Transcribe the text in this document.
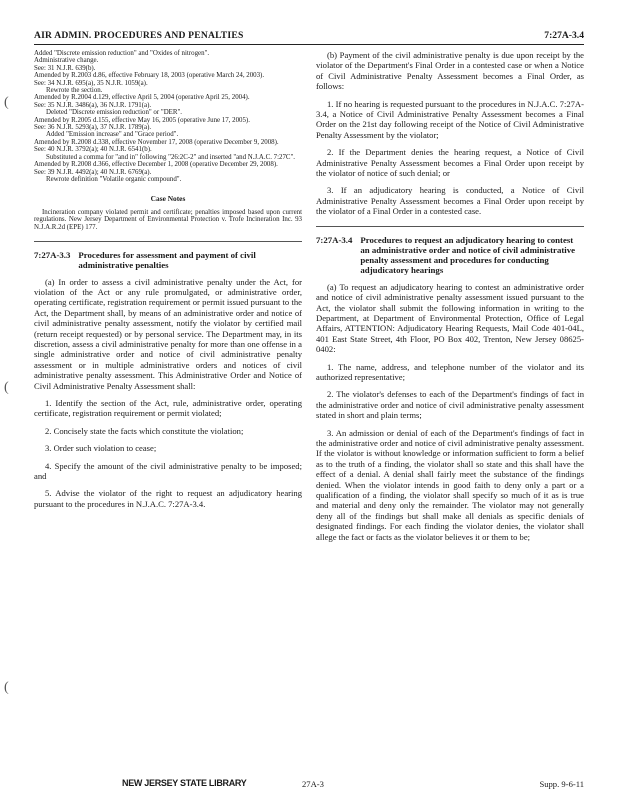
AIR ADMIN. PROCEDURES AND PENALTIES	7:27A-3.4
(
(
(

Added "Discrete emission reduction" and "Oxides of nitrogen".

Administrative change.

See: 31 N.J.R. 639(b).

Amended by R.2003 d.86, effective February 18, 2003 (operative March 24, 2003).

See: 34 N.J.R. 695(a), 35 N.J.R. 1059(a).

Rewrote the section.

Amended by R.2004 d.129, effective April 5, 2004 (operative April 25, 2004).

See: 35 N.J.R. 3486(a), 36 N.J.R. 1791(a).

Deleted "Discrete emission reduction" or "DER".

Amended by R.2005 d.155, effective May 16, 2005 (operative June 17, 2005).

See: 36 N.J.R. 5293(a), 37 N.J.R. 1789(a).

Added "Emission increase" and "Grace period".

Amended by R.2008 d.338, effective November 17, 2008 (operative December 9, 2008).

See: 40 N.J.R. 3792(a); 40 N.J.R. 6541(b).

Substituted a comma for "and in" following "26:2C-2" and inserted "and N.J.A.C. 7:27C".

Amended by R.2008 d.366, effective December 1, 2008 (operative December 29, 2008).

See: 39 N.J.R. 4492(a); 40 N.J.R. 6769(a).

Rewrote definition "Volatile organic compound".

Case Notes

Incineration company violated permit and certificate; penalties imposed based upon current regulations. New Jersey Department of Environmental Protection v. Trofe Incineration Inc. 93 N.J.A.R.2d (EPE) 177.

7:27A-3.3 Procedures for assessment and payment of civil administrative penalties

(a) In order to assess a civil administrative penalty under the Act, for violation of the Act or any rule promulgated, or administrative order, operating certificate, registration requirement or permit issued pursuant to the Act, the Department shall, by means of an administrative order and notice of civil administrative penalty assessment, notify the violator by certified mail (return receipt requested) or by personal service. The Department may, in its discretion, assess a civil administrative penalty for more than one offense in a single administrative order and notice of civil administrative penalty assessment or in multiple administrative orders and notices of civil administrative penalty assessment. This Administrative Order and Notice of Civil Administrative Penalty Assessment shall:

1. Identify the section of the Act, rule, administrative order, operating certificate, registration requirement or permit violated;

2. Concisely state the facts which constitute the violation;

3. Order such violation to cease;

4. Specify the amount of the civil administrative penalty to be imposed; and

5. Advise the violator of the right to request an adjudicatory hearing pursuant to the procedures in N.J.A.C. 7:27A-3.4.

(b) Payment of the civil administrative penalty is due upon receipt by the violator of the Department's Final Order in a contested case or when a Notice of Civil Administrative Penalty Assessment becomes a Final Order, as follows:

1. If no hearing is requested pursuant to the procedures in N.J.A.C. 7:27A-3.4, a Notice of Civil Administrative Penalty Assessment becomes a Final Order on the 21st day following receipt of the Notice of Civil Administrative Penalty Assessment by the violator;

2. If the Department denies the hearing request, a Notice of Civil Administrative Penalty Assessment becomes a Final Order upon receipt by the violator of notice of such denial; or

3. If an adjudicatory hearing is conducted, a Notice of Civil Administrative Penalty Assessment becomes a Final Order upon receipt by the violator of a Final Order in a contested case.

7:27A-3.4 Procedures to request an adjudicatory hearing to contest an administrative order and notice of civil administrative penalty assessment and procedures for conducting adjudicatory hearings

(a) To request an adjudicatory hearing to contest an administrative order and notice of civil administrative penalty assessment issued pursuant to the Act, the violator shall submit the following information in writing to the Department, at Department of Environmental Protection, Office of Legal Affairs, ATTENTION: Adjudicatory Hearing Requests, Mail Code 401-04L, 401 East State Street, 4th Floor, PO Box 402, Trenton, New Jersey 08625-0402:

1. The name, address, and telephone number of the violator and its authorized representative;

2. The violator's defenses to each of the Department's findings of fact in the administrative order and notice of civil administrative penalty assessment stated in short and plain terms;

3. An admission or denial of each of the Department's findings of fact in the administrative order and notice of civil administrative penalty assessment. If the violator is without knowledge or information sufficient to form a belief as to the truth of a finding, the violator shall so state and this shall have the effect of a denial. A denial shall fairly meet the substance of the findings denied. When the violator intends in good faith to deny only a part or a qualification of a finding, the violator shall specify so much of it as is true and material and deny only the remainder. The violator may not generally deny all of the findings but shall make all denials as specific denials of designated findings. For each finding the violator denies, the violator shall allege the fact or facts as the violator believes it or them to be;

NEW JERSEY STATE LIBRARY	27A-3	Supp. 9-6-11
